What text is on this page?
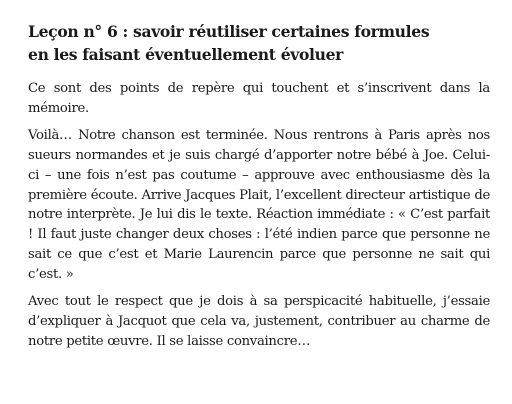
Leçon n° 6 : savoir réutiliser certaines formules
en les faisant éventuellement évoluer

Ce sont des points de repère qui touchent et s’inscrivent dans la mémoire.

Voilà… Notre chanson est terminée. Nous rentrons à Paris après nos sueurs normandes et je suis chargé d’apporter notre bébé à Joe. Celui-ci – une fois n’est pas coutume – approuve avec enthousiasme dès la première écoute. Arrive Jacques Plait, l’excellent directeur artistique de notre interprète. Je lui dis le texte. Réaction immédiate : « C’est parfait ! Il faut juste changer deux choses : l’été indien parce que personne ne sait ce que c’est et Marie Laurencin parce que personne ne sait qui c’est. »

Avec tout le respect que je dois à sa perspicacité habituelle, j’essaie d’expliquer à Jacquot que cela va, justement, contribuer au charme de notre petite œuvre. Il se laisse convaincre…
